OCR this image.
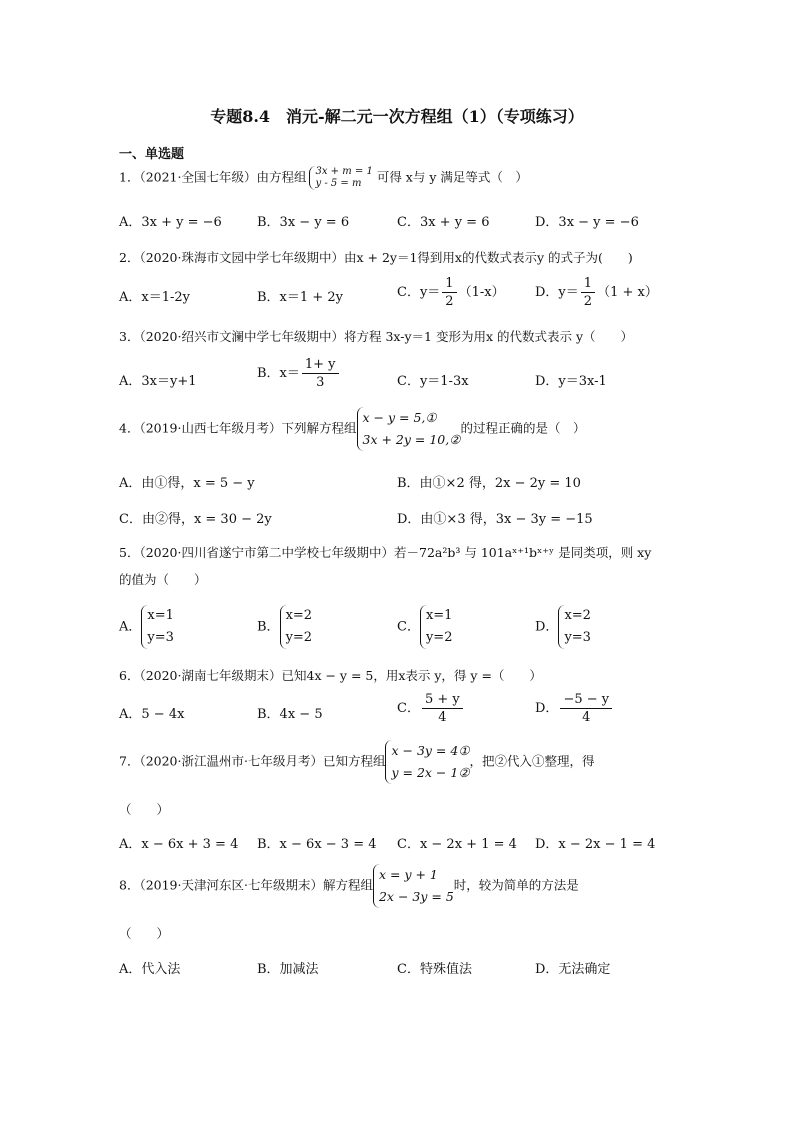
专题8.4　消元-解二元一次方程组（1）（专项练习）
一、单选题
1．（2021·全国七年级）由方程组 3x + m = 1
y - 5 = m 可得 x与 y 满足等式（　）
A．3x + y = −6	B．3x − y = 6	C．3x + y = 6	D．3x − y = −6
2．（2020·珠海市文园中学七年级期中）由x + 2y＝1得到用x的代数式表示y 的式子为(　　)
A．x＝1-2y	B．x＝1 + 2y	C．$y= \frac{1}{2} (1-x)$ D．$y= \frac{1}{2} (1 + x)$
3．（2020·绍兴市文澜中学七年级期中）将方程 3x-y＝1 变形为用x 的代数式表示 y（　　）
A．3x＝y+1
B．$x= \frac{1+ y}{3}$	C．y＝1-3x	D．y＝3x-1
4．（2019·山西七年级月考）下列解方程组x − y = 5,①
3x + 2y = 10,②的过程正确的是（　）
A．由①得，x = 5 − y	B．由①×2 得，2x − 2y = 10
C．由②得，x = 30 − 2y	D．由①×3 得，3x − 3y = −15
5．（2020·四川省遂宁市第二中学校七年级期中）若－72a²b³ 与 101aˣ⁺¹bˣ⁺ʸ 是同类项，则 xy
的值为（　　）
A．x=1
y=3
B．x=2
y=2
C．x=1
y=2
D．x=2
y=3
6．（2020·湖南七年级期末）已知4x − y = 5，用x表示 y，得 y =（　　）
A．5 − 4x	B．4x − 5	C． $\frac{5 + y}{4}$	D． $\frac{-5 - y}{4}$
7．（2020·浙江温州市·七年级月考）已知方程组x − 3y = 4①
y = 2x − 1②，把②代入①整理，得
（　　）
A．x − 6x + 3 = 4 B．x − 6x − 3 = 4 C．x − 2x + 1 = 4 D．x − 2x − 1 = 4
8．（2019·天津河东区·七年级期末）解方程组x = y + 1
2x − 3y = 5时，较为简单的方法是
（　　）
A．代入法	B．加减法	C．特殊值法	D．无法确定
